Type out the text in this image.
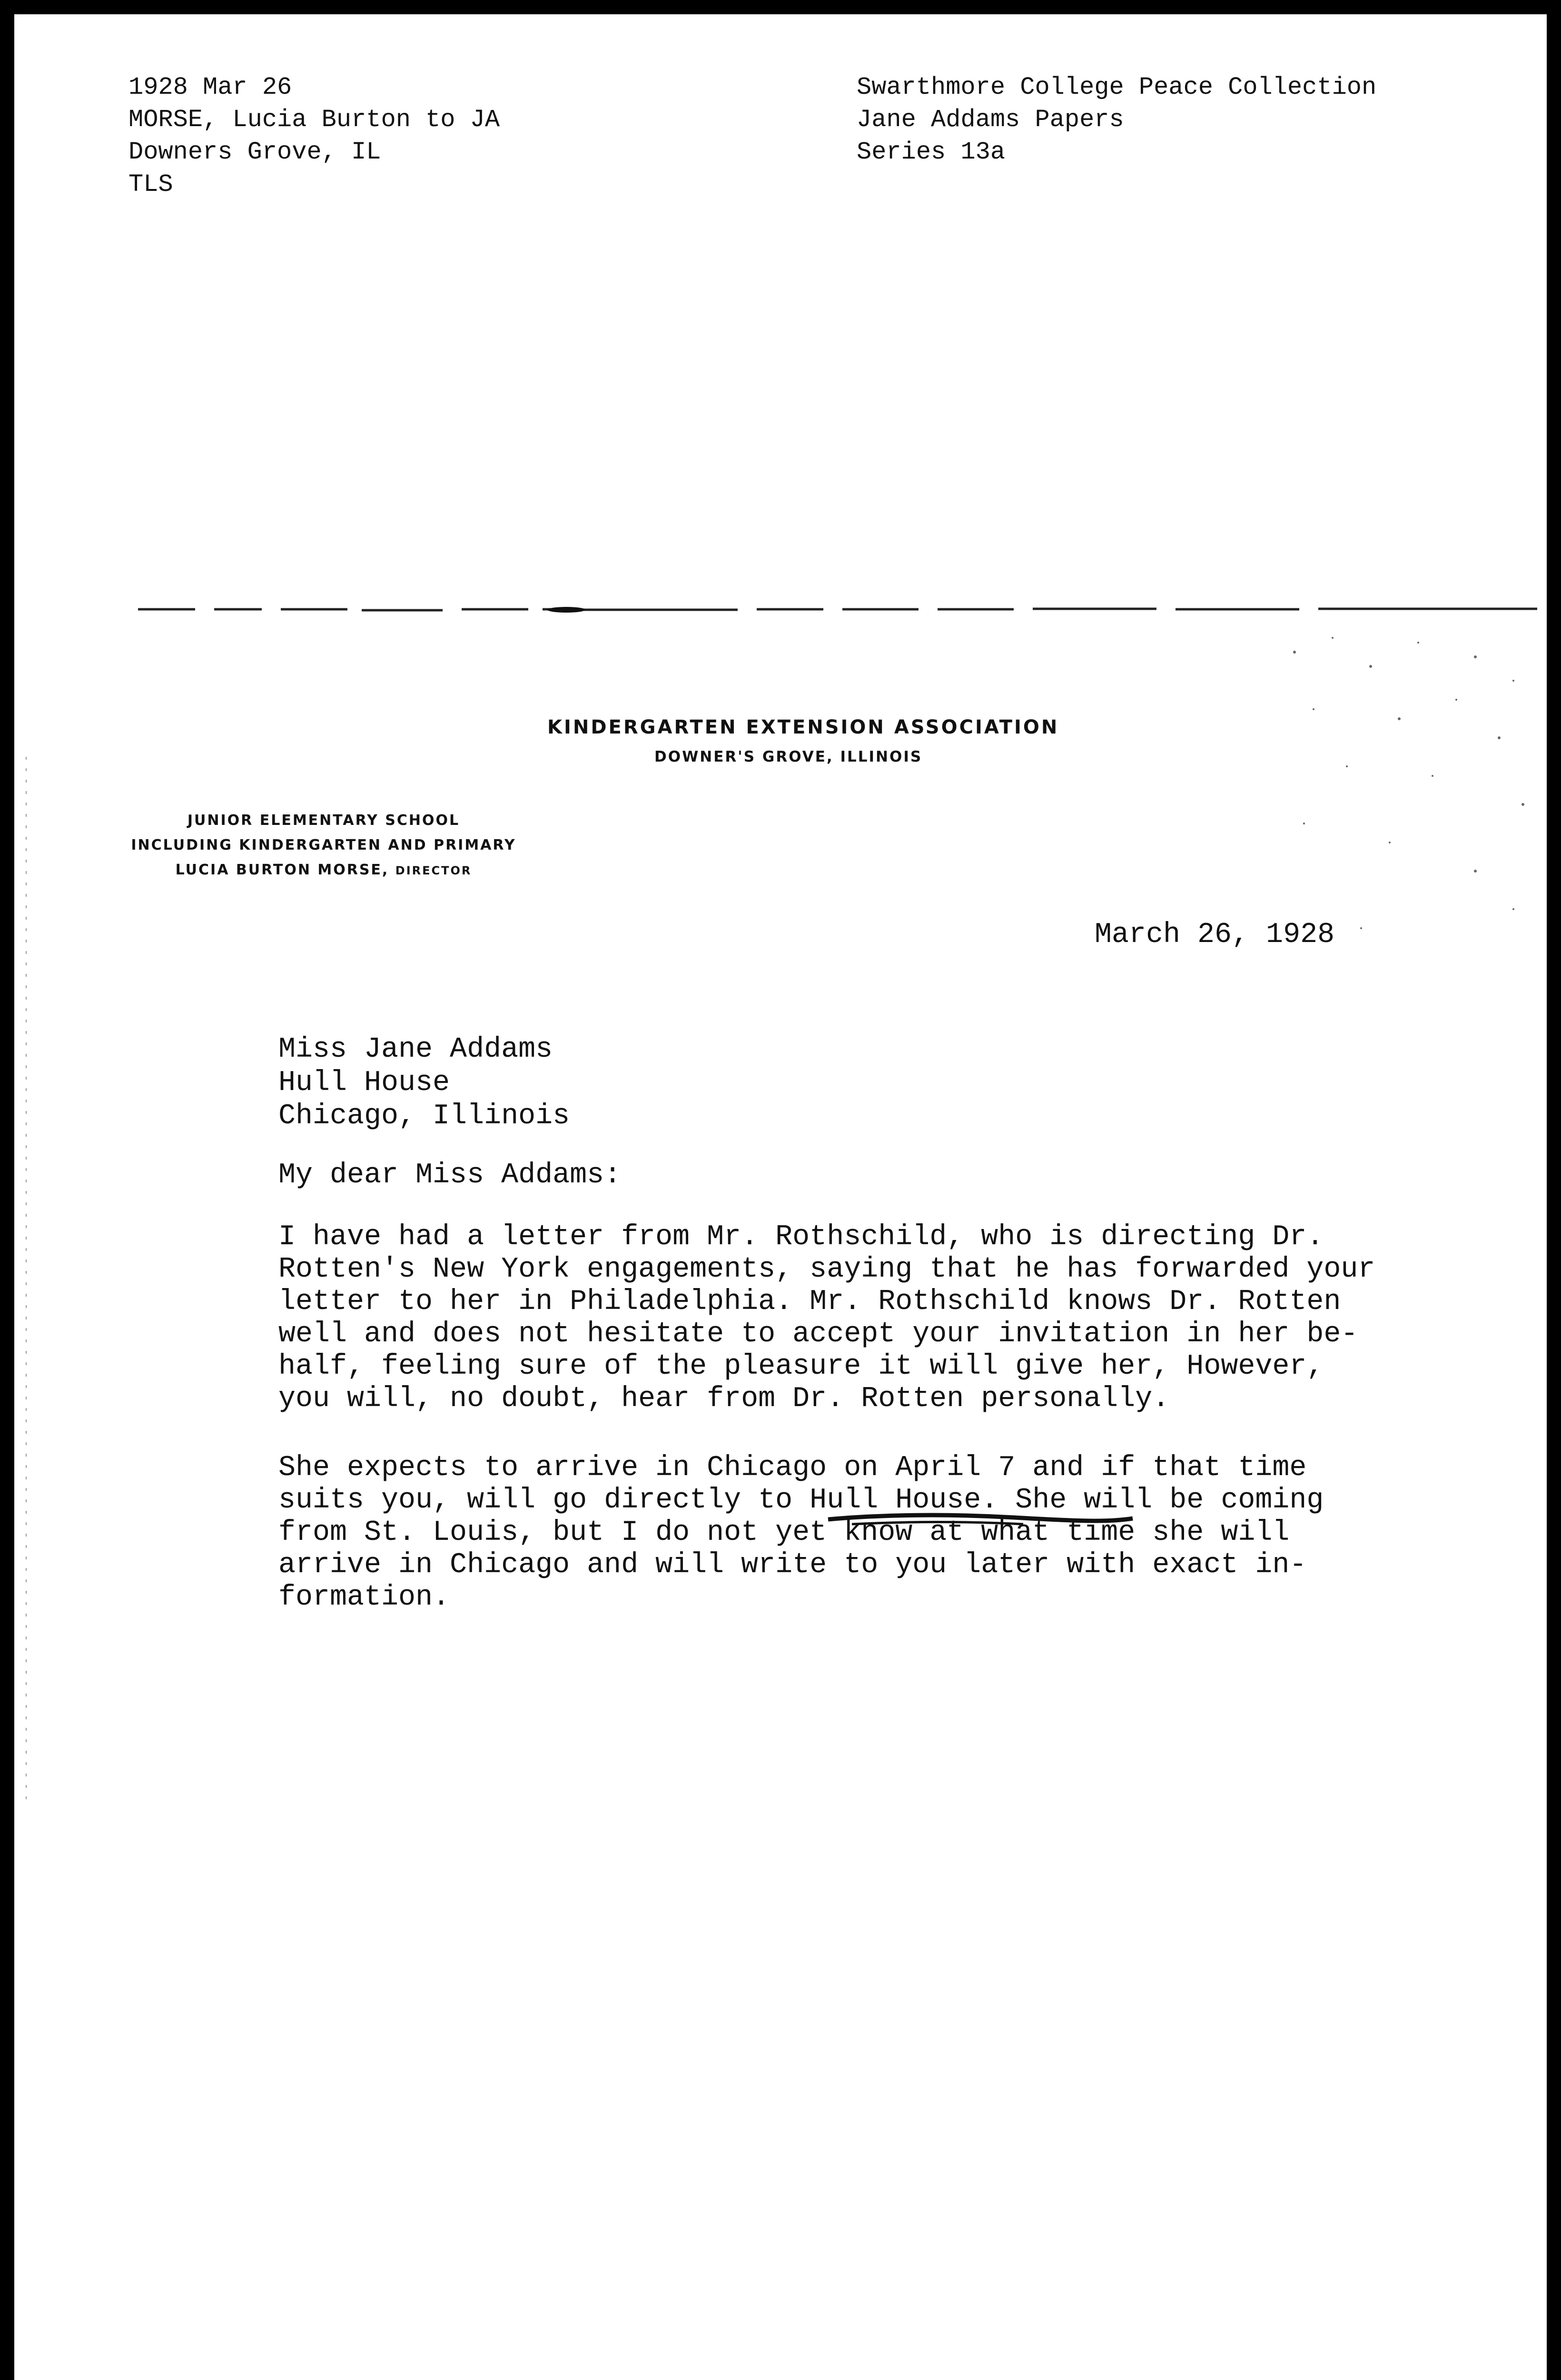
1928 Mar 26
MORSE, Lucia Burton to JA
Downers Grove, IL
TLS
Swarthmore College Peace Collection
Jane Addams Papers
Series 13a
KINDERGARTEN EXTENSION ASSOCIATION
DOWNER'S GROVE, ILLINOIS
JUNIOR ELEMENTARY SCHOOL
INCLUDING KINDERGARTEN AND PRIMARY
LUCIA BURTON MORSE, DIRECTOR
March 26, 1928
Miss Jane Addams
Hull House
Chicago, Illinois
My dear Miss Addams:
I have had a letter from Mr. Rothschild, who is directing Dr.
Rotten's New York engagements, saying that he has forwarded your
letter to her in Philadelphia. Mr. Rothschild knows Dr. Rotten
well and does not hesitate to accept your invitation in her be-
half, feeling sure of the pleasure it will give her, However,
you will, no doubt, hear from Dr. Rotten personally.
She expects to arrive in Chicago on April 7 and if that time
suits you, will go directly to Hull House. She will be coming
from St. Louis, but I do not yet know at what time she will
arrive in Chicago and will write to you later with exact in-
formation.
